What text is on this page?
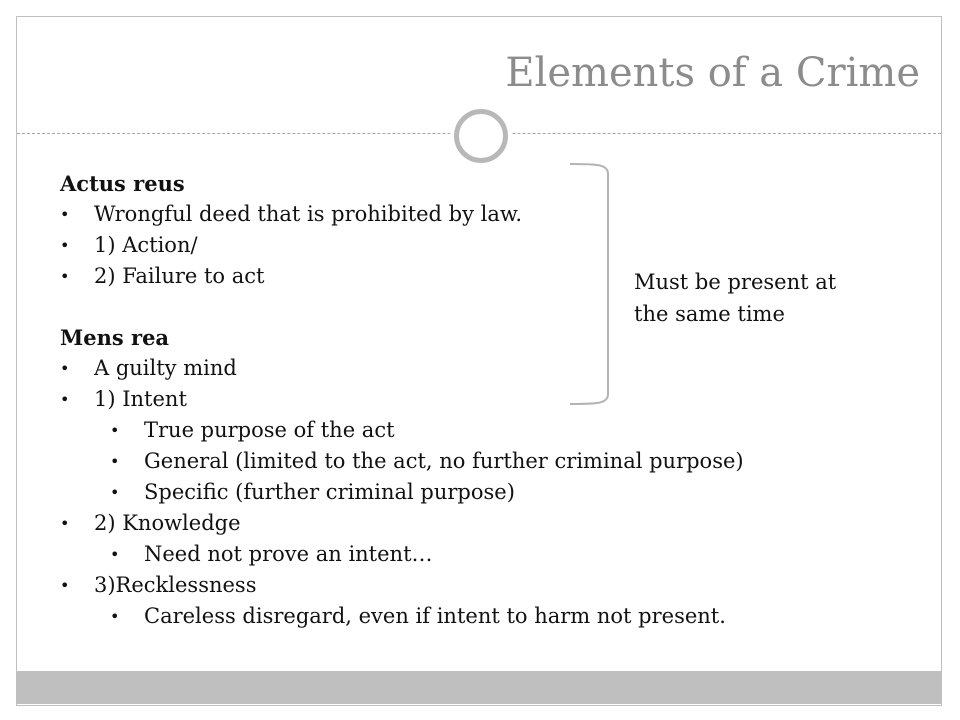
Elements of a Crime
Actus reus
• Wrongful deed that is prohibited by law.
• 1) Action/
• 2) Failure to act
Mens rea
• A guilty mind
• 1) Intent
• True purpose of the act
• General (limited to the act, no further criminal purpose)
• Specific (further criminal purpose)
• 2) Knowledge
• Need not prove an intent…
• 3)Recklessness
• Careless disregard, even if intent to harm not present.
Must be present at
the same time
